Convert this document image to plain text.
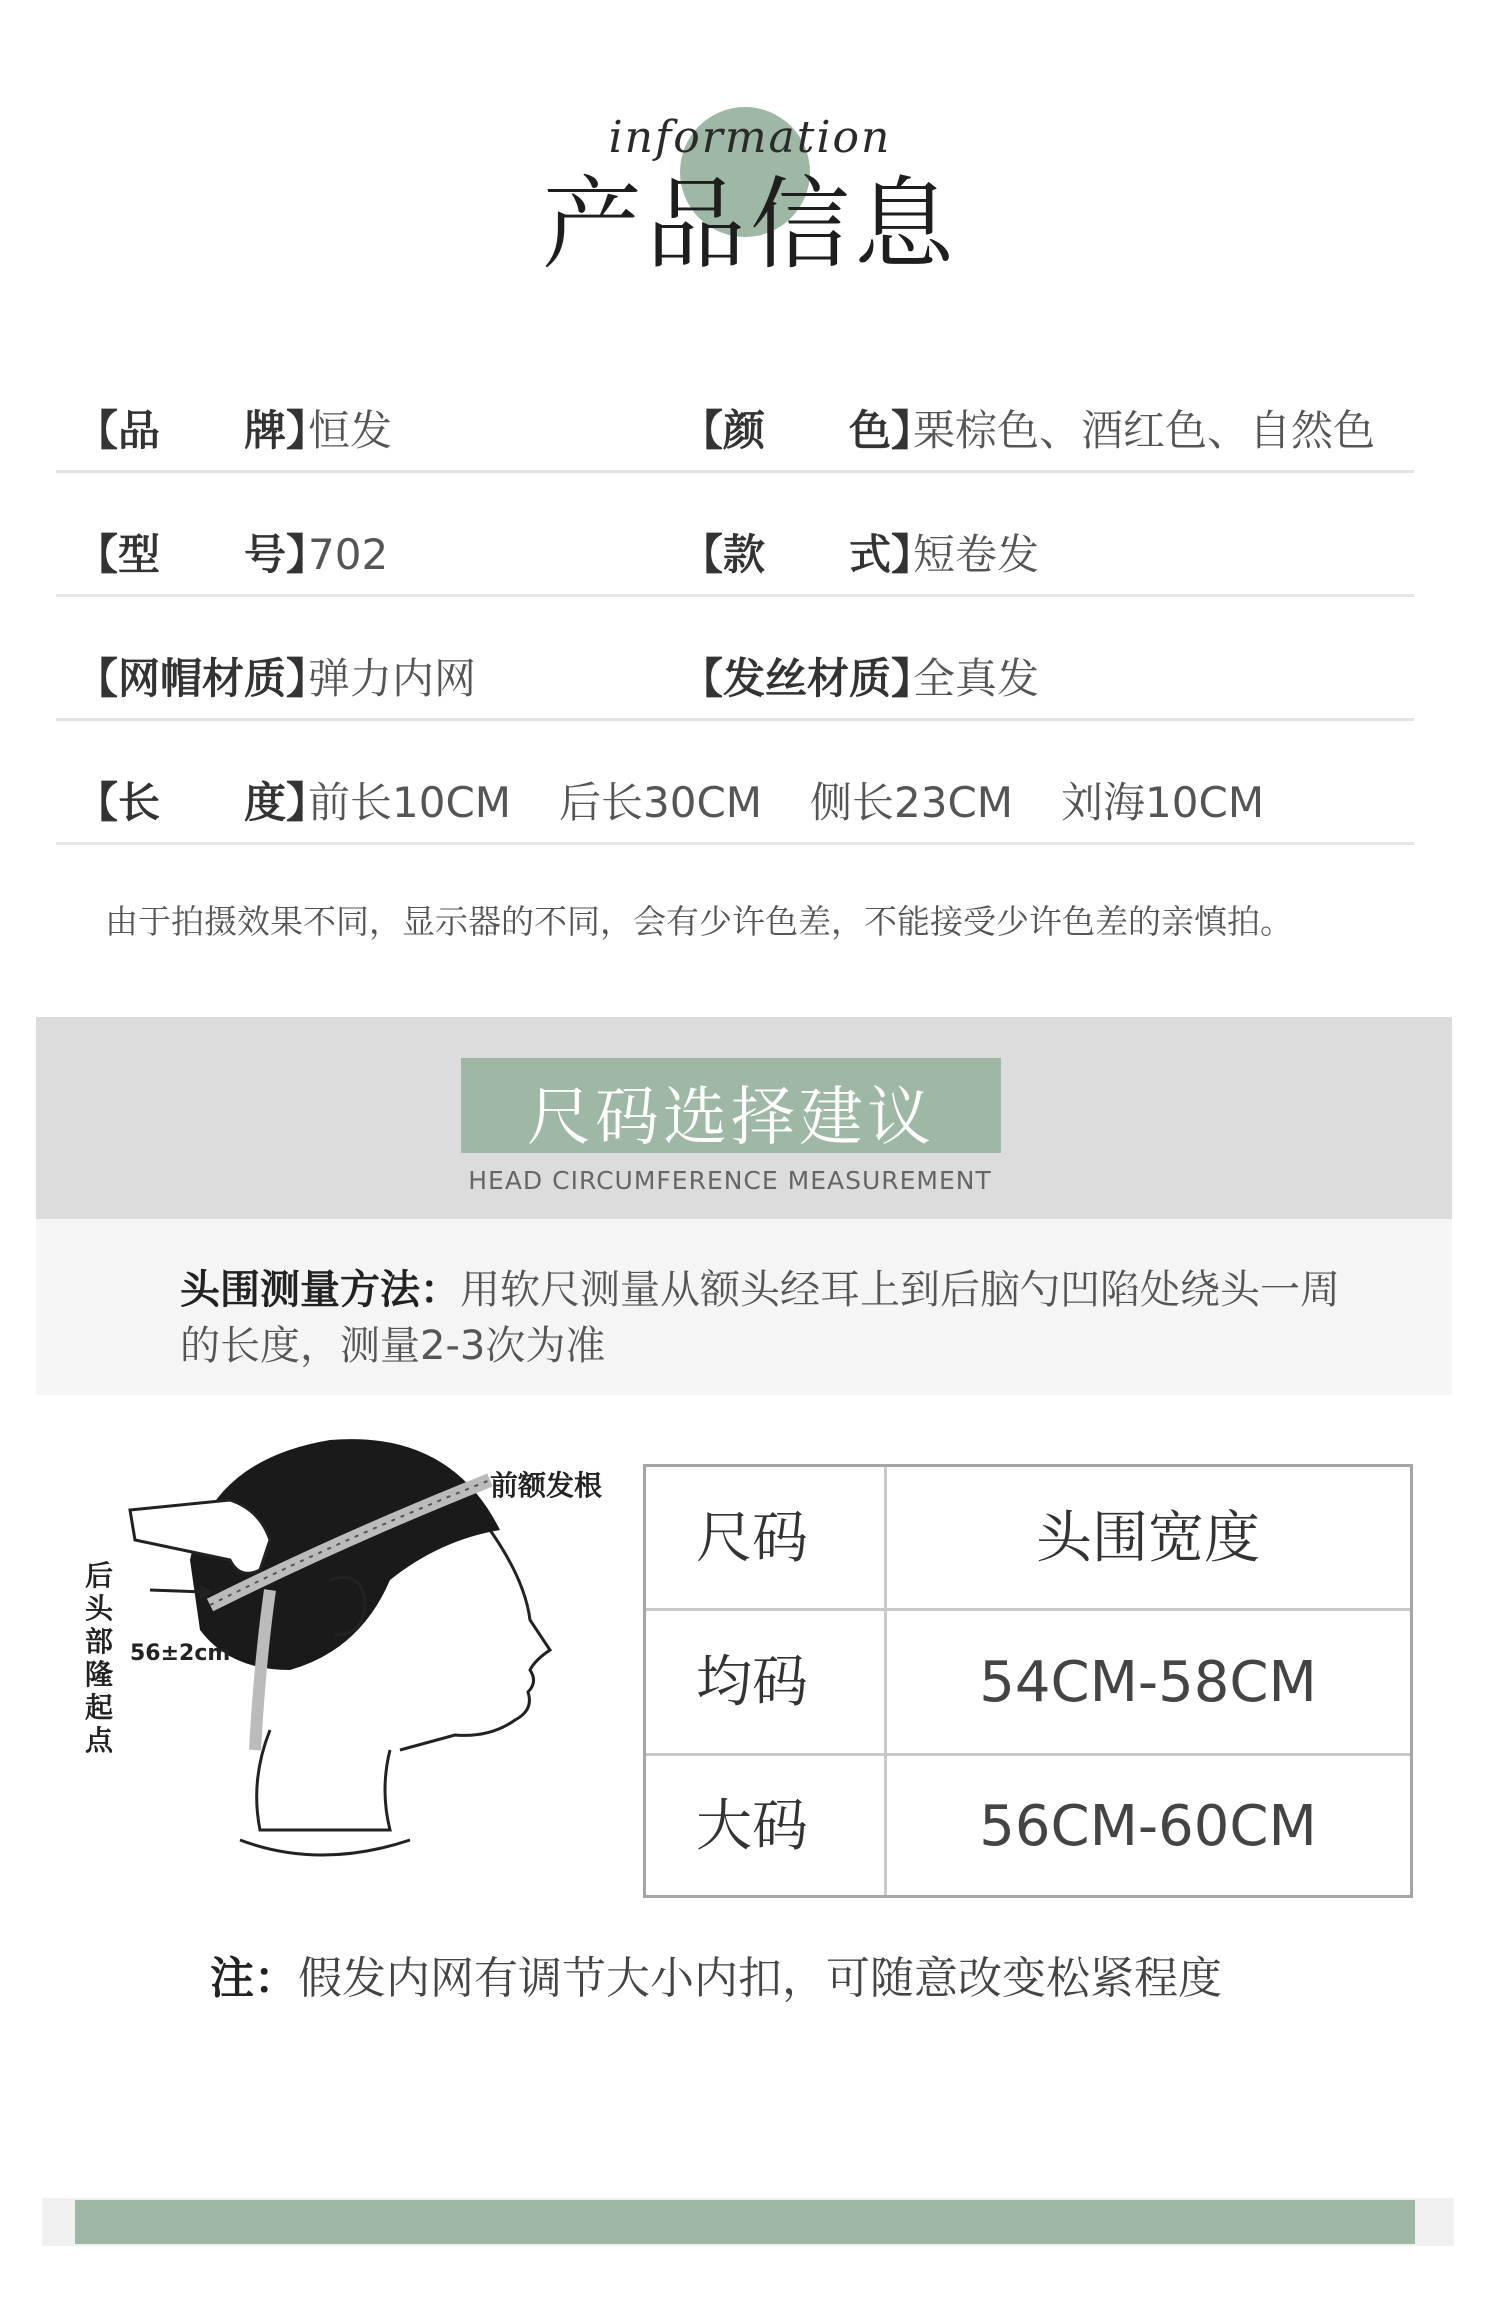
information
产品信息
【品　　牌】恒发	【颜　　色】栗棕色、酒红色、自然色
【型　　号】702	【款　　式】短卷发
【网帽材质】弹力内网	【发丝材质】全真发
【长　　度】前长10CM 后长30CM 侧长23CM 刘海10CM
由于拍摄效果不同，显示器的不同，会有少许色差，不能接受少许色差的亲慎拍。
尺码选择建议
HEAD CIRCUMFERENCE MEASUREMENT
头围测量方法：用软尺测量从额头经耳上到后脑勺凹陷处绕头一周的长度，测量2-3次为准
56±2cm
前额发根
后
头
部
隆
起
点
尺码	头围宽度
均码	54CM-58CM
大码	56CM-60CM
注：假发内网有调节大小内扣，可随意改变松紧程度
